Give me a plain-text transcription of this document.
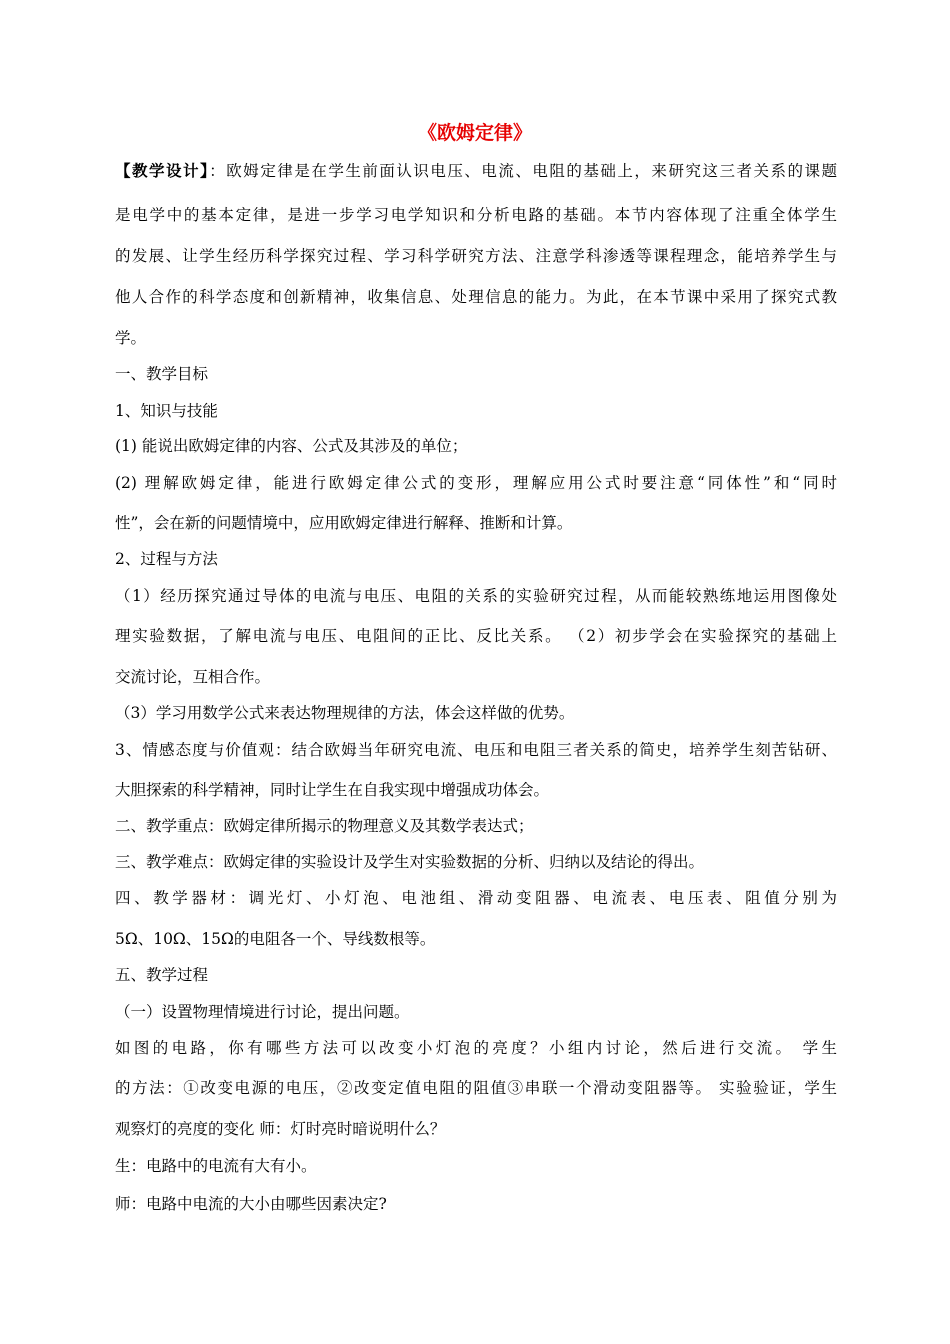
《欧姆定律》
【教学设计】：欧姆定律是在学生前面认识电压、电流、电阻的基础上，来研究这三者关系的课题
是电学中的基本定律，是进一步学习电学知识和分析电路的基础。本节内容体现了注重全体学生
的发展、让学生经历科学探究过程、学习科学研究方法、注意学科渗透等课程理念，能培养学生与
他人合作的科学态度和创新精神，收集信息、处理信息的能力。为此，在本节课中采用了探究式教
学。
一、教学目标
1、知识与技能
(1) 能说出欧姆定律的内容、公式及其涉及的单位；
(2) 理解欧姆定律，能进行欧姆定律公式的变形，理解应用公式时要注意“同体性”和“同时
性”，会在新的问题情境中，应用欧姆定律进行解释、推断和计算。
2、过程与方法
（1）经历探究通过导体的电流与电压、电阻的关系的实验研究过程，从而能较熟练地运用图像处
理实验数据，了解电流与电压、电阻间的正比、反比关系。 （2）初步学会在实验探究的基础上
交流讨论，互相合作。
（3）学习用数学公式来表达物理规律的方法，体会这样做的优势。
3、情感态度与价值观：结合欧姆当年研究电流、电压和电阻三者关系的简史，培养学生刻苦钻研、
大胆探索的科学精神，同时让学生在自我实现中增强成功体会。
二、教学重点：欧姆定律所揭示的物理意义及其数学表达式；
三、教学难点：欧姆定律的实验设计及学生对实验数据的分析、归纳以及结论的得出。
四、教学器材：调光灯、小灯泡、电池组、滑动变阻器、电流表、电压表、阻值分别为
5Ω、10Ω、15Ω的电阻各一个、导线数根等。
五、教学过程
（一）设置物理情境进行讨论，提出问题。
如图的电路，你有哪些方法可以改变小灯泡的亮度？小组内讨论，然后进行交流。 学生
的方法：①改变电源的电压，②改变定值电阻的阻值③串联一个滑动变阻器等。 实验验证，学生
观察灯的亮度的变化 师：灯时亮时暗说明什么？
生：电路中的电流有大有小。
师：电路中电流的大小由哪些因素决定?
